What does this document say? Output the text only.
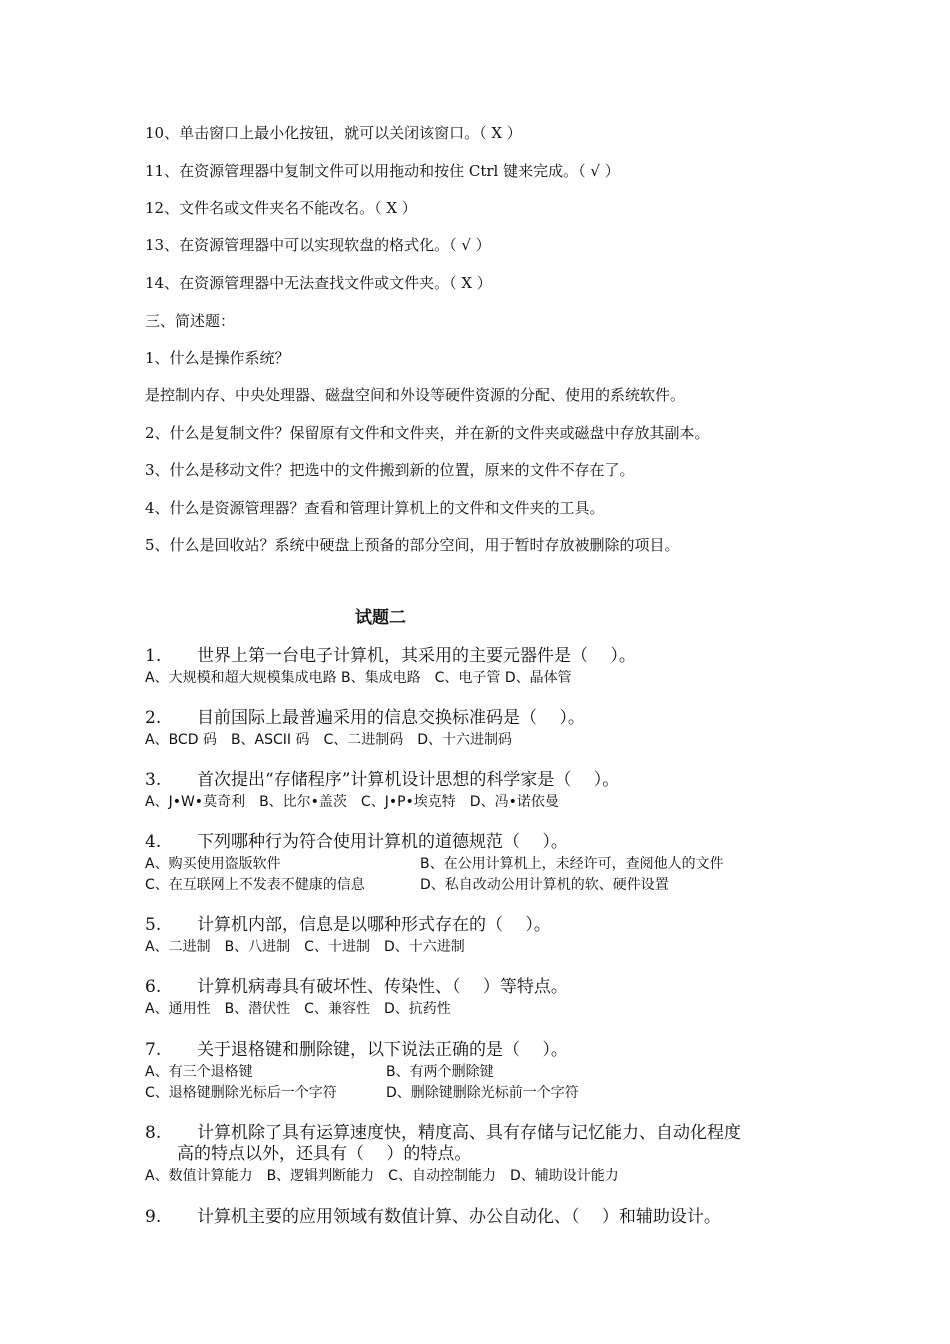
10、单击窗口上最小化按钮，就可以关闭该窗口。（ X ）
11、在资源管理器中复制文件可以用拖动和按住 Ctrl 键来完成。（ √ ）
12、文件名或文件夹名不能改名。（ X ）
13、在资源管理器中可以实现软盘的格式化。（ √ ）
14、在资源管理器中无法查找文件或文件夹。（ X ）
三、简述题：
1、什么是操作系统？
是控制内存、中央处理器、磁盘空间和外设等硬件资源的分配、使用的系统软件。
2、什么是复制文件？保留原有文件和文件夹，并在新的文件夹或磁盘中存放其副本。
3、什么是移动文件？把选中的文件搬到新的位置，原来的文件不存在了。
4、什么是资源管理器？查看和管理计算机上的文件和文件夹的工具。
5、什么是回收站？系统中硬盘上预备的部分空间，用于暂时存放被删除的项目。
试题二
1. 世界上第一台电子计算机，其采用的主要元器件是（　 ）。
A、大规模和超大规模集成电路 B、集成电路　C、电子管 D、晶体管
2. 目前国际上最普遍采用的信息交换标准码是（　 ）。
A、BCD 码　B、ASCII 码　C、二进制码　D、十六进制码
3. 首次提出“存储程序”计算机设计思想的科学家是（　 ）。
A、J•W•莫奇利　B、比尔•盖茨　C、J•P•埃克特　D、冯•诺依曼
4. 下列哪种行为符合使用计算机的道德规范（　 ）。
A、购买使用盗版软件	B、在公用计算机上，未经许可，查阅他人的文件
C、在互联网上不发表不健康的信息	D、私自改动公用计算机的软、硬件设置
5. 计算机内部，信息是以哪种形式存在的（　 ）。
A、二进制　B、八进制　C、十进制　D、十六进制
6. 计算机病毒具有破坏性、传染性、（　 ）等特点。
A、通用性　B、潜伏性　C、兼容性　D、抗药性
7. 关于退格键和删除键，以下说法正确的是（　 ）。
A、有三个退格键	B、有两个删除键
C、退格键删除光标后一个字符	D、删除键删除光标前一个字符
8. 计算机除了具有运算速度快，精度高、具有存储与记忆能力、自动化程度
高的特点以外，还具有（　 ）的特点。
A、数值计算能力　B、逻辑判断能力　C、自动控制能力　D、辅助设计能力
9. 计算机主要的应用领域有数值计算、办公自动化、（　 ）和辅助设计。
